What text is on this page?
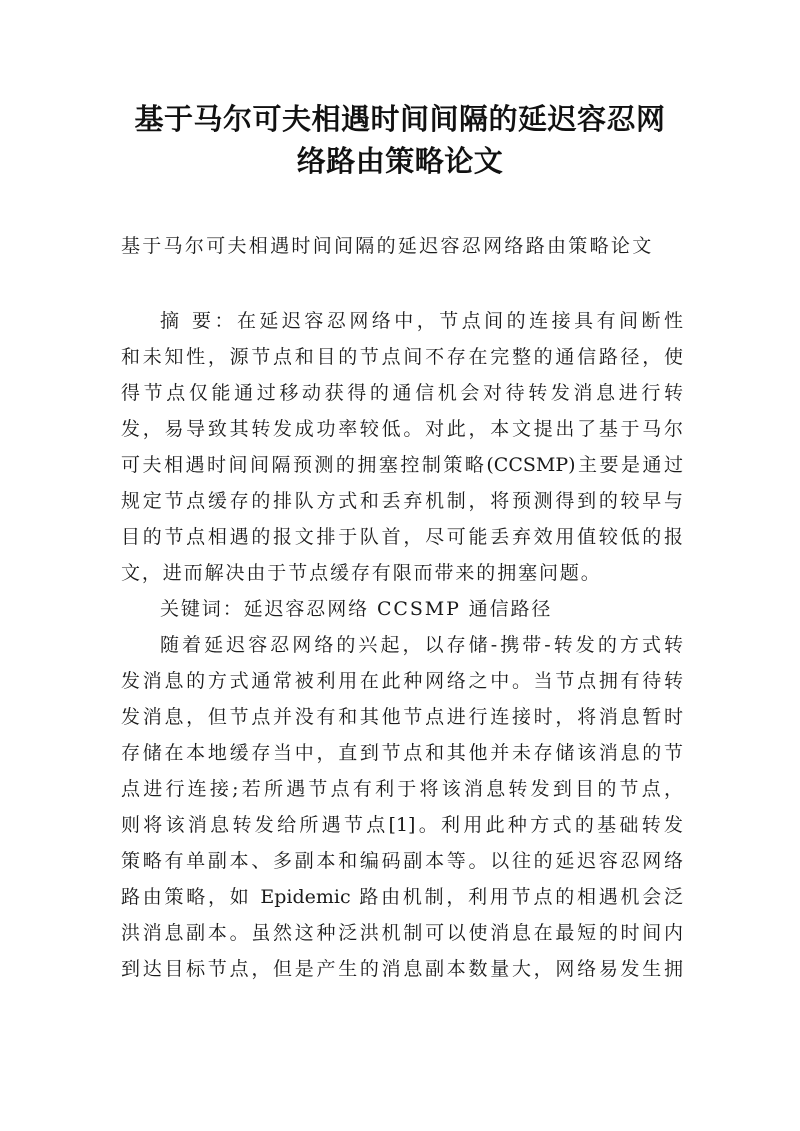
基于马尔可夫相遇时间间隔的延迟容忍网
络路由策略论文
基于马尔可夫相遇时间间隔的延迟容忍网络路由策略论文
摘 要：在延迟容忍网络中，节点间的连接具有间断性
和未知性，源节点和目的节点间不存在完整的通信路径，使
得节点仅能通过移动获得的通信机会对待转发消息进行转
发，易导致其转发成功率较低。对此，本文提出了基于马尔
可夫相遇时间间隔预测的拥塞控制策略(CCSMP)主要是通过
规定节点缓存的排队方式和丢弃机制，将预测得到的较早与
目的节点相遇的报文排于队首，尽可能丢弃效用值较低的报
文，进而解决由于节点缓存有限而带来的拥塞问题。
关键词：延迟容忍网络 CCSMP 通信路径
随着延迟容忍网络的兴起，以存储-携带-转发的方式转
发消息的方式通常被利用在此种网络之中。当节点拥有待转
发消息，但节点并没有和其他节点进行连接时，将消息暂时
存储在本地缓存当中，直到节点和其他并未存储该消息的节
点进行连接;若所遇节点有利于将该消息转发到目的节点，
则将该消息转发给所遇节点[1]。利用此种方式的基础转发
策略有单副本、多副本和编码副本等。以往的延迟容忍网络
路由策略，如 Epidemic 路由机制，利用节点的相遇机会泛
洪消息副本。虽然这种泛洪机制可以使消息在最短的时间内
到达目标节点，但是产生的消息副本数量大，网络易发生拥
